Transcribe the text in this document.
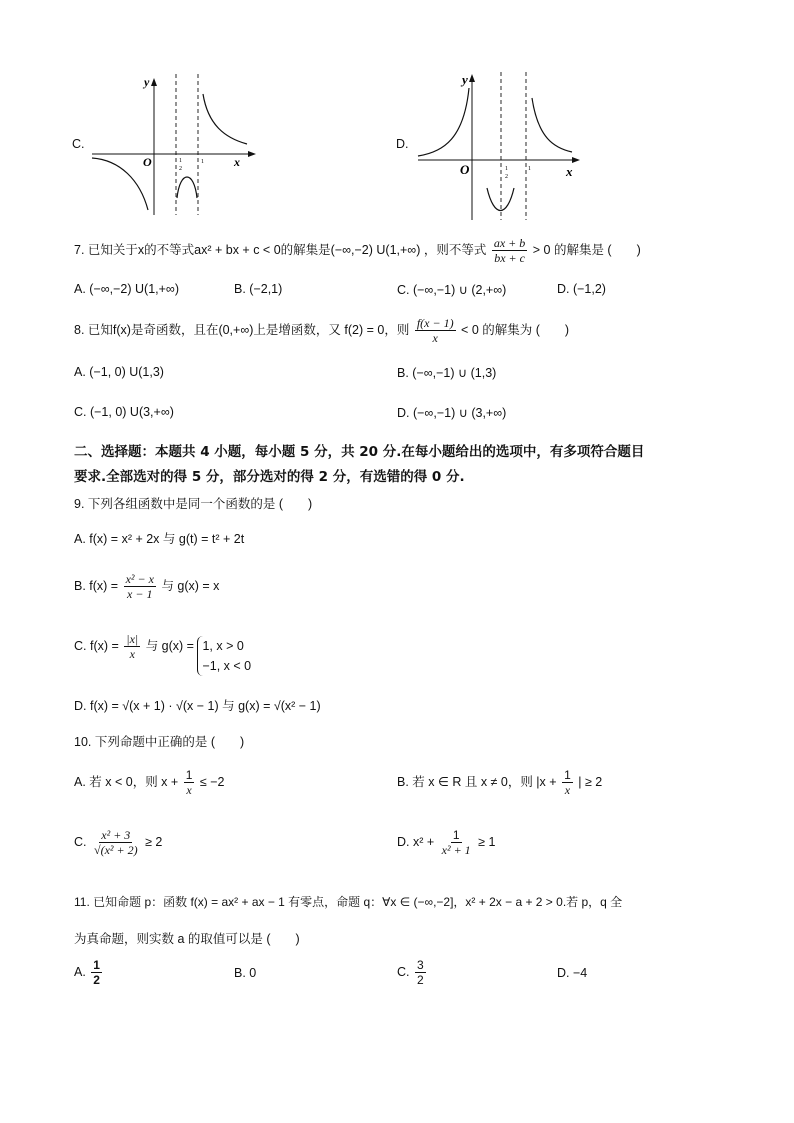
C.
y
x
O	1
2
1
D.
y
x
O	1
2
1
7. 已知关于x的不等式ax² + bx + c < 0的解集是(−∞,−2) U(1,+∞) ，则不等式 $\frac{ax + b}{bx + c} > 0$ 的解集是 (　　)
A. (−∞,−2) U(1,+∞)	B. (−2,1)	C. (−∞,−1) ∪ (2,+∞)	D. (−1,2)
8. 已知f(x)是奇函数，且在(0,+∞)上是增函数，又 f(2) = 0，则 $\frac{f(x - 1)}{x} < 0$ 的解集为 (　　)
A. (−1, 0) U(1,3)	B. (−∞,−1) ∪ (1,3)
C. (−1, 0) U(3,+∞)	D. (−∞,−1) ∪ (3,+∞)
二、选择题：本题共 4 小题，每小题 5 分，共 20 分.在每小题给出的选项中，有多项符合题目
要求.全部选对的得 5 分，部分选对的得 2 分，有选错的得 0 分.
9. 下列各组函数中是同一个函数的是 (　　)
A. f(x) = x² + 2x 与 g(t) = t² + 2t
B. $f(x) = \frac{\text{x² − x}}{x - 1}$ 与 g(x) = x
C. $f(x) = \frac{|x|}{x}$ 与 g(x) = 1, x > 0
−1, x < 0
D. f(x) = √(x + 1) · √(x − 1) 与 g(x) = √(x² − 1)
10. 下列命题中正确的是 (　　)
A. 若 x < 0，则 $x + \frac{1}{x} \le -2$	B. 若 x ∈ R 且 x ≠ 0，则 $|x + \frac{1}{x}$ | ≥ 2
C. $\frac{\text{x² + 3}}{\text{√(x² + 2)}} \ge 2$	D. $x^2 + \frac{1}{\text{x² + 1}} \ge 1$
11. 已知命题 p：函数 f(x) = ax² + ax − 1 有零点，命题 q：∀x ∈ (−∞,−2]，x² + 2x − a + 2 > 0.若 p，q 全
为真命题，则实数 a 的取值可以是 (　　)
A. $\frac{1}{2}$	B. 0	C. $\frac{3}{2}$	D. −4
